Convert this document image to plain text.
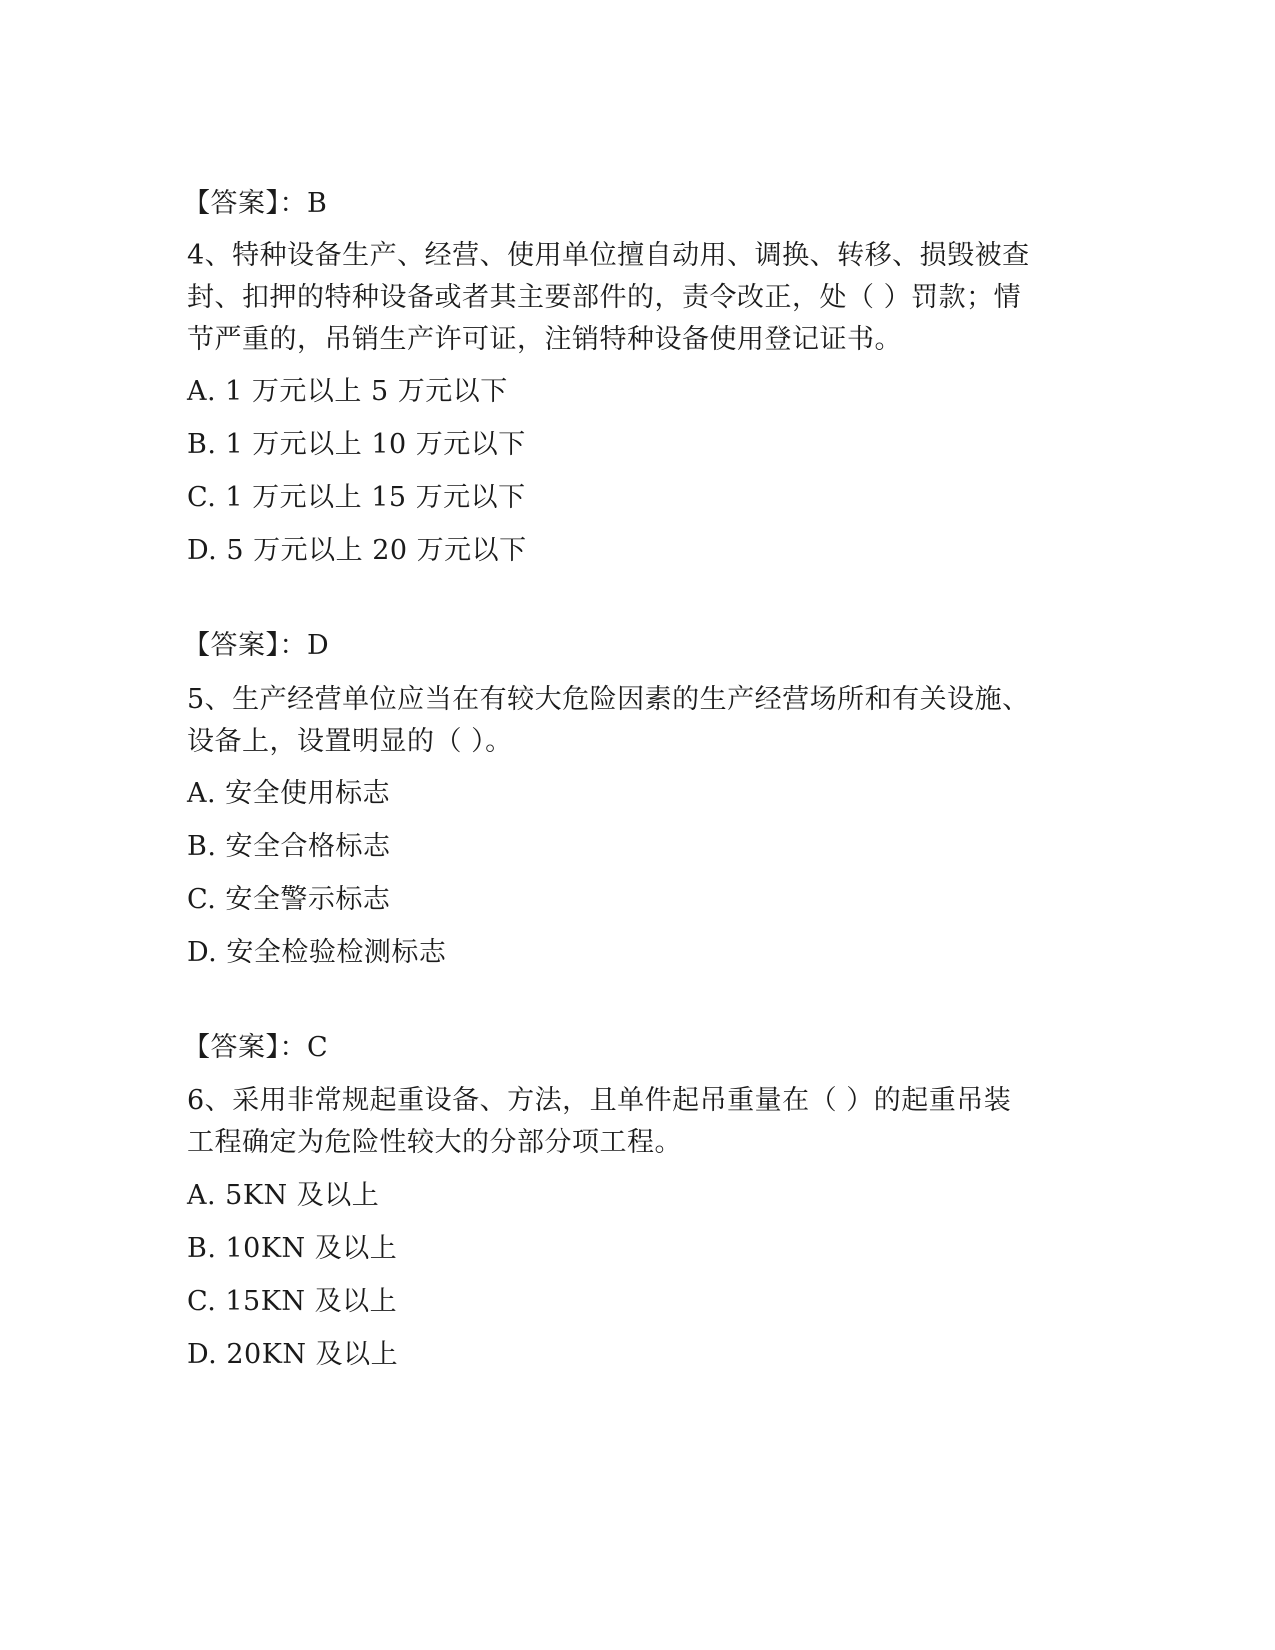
【答案】：B
4、特种设备生产、经营、使用单位擅自动用、调换、转移、损毁被查
封、扣押的特种设备或者其主要部件的，责令改正，处（ ）罚款；情
节严重的，吊销生产许可证，注销特种设备使用登记证书。
A. 1 万元以上 5 万元以下
B. 1 万元以上 10 万元以下
C. 1 万元以上 15 万元以下
D. 5 万元以上 20 万元以下
【答案】：D
5、生产经营单位应当在有较大危险因素的生产经营场所和有关设施、
设备上，设置明显的（ ）。
A. 安全使用标志
B. 安全合格标志
C. 安全警示标志
D. 安全检验检测标志
【答案】：C
6、采用非常规起重设备、方法，且单件起吊重量在（ ）的起重吊装
工程确定为危险性较大的分部分项工程。
A. 5KN 及以上
B. 10KN 及以上
C. 15KN 及以上
D. 20KN 及以上
